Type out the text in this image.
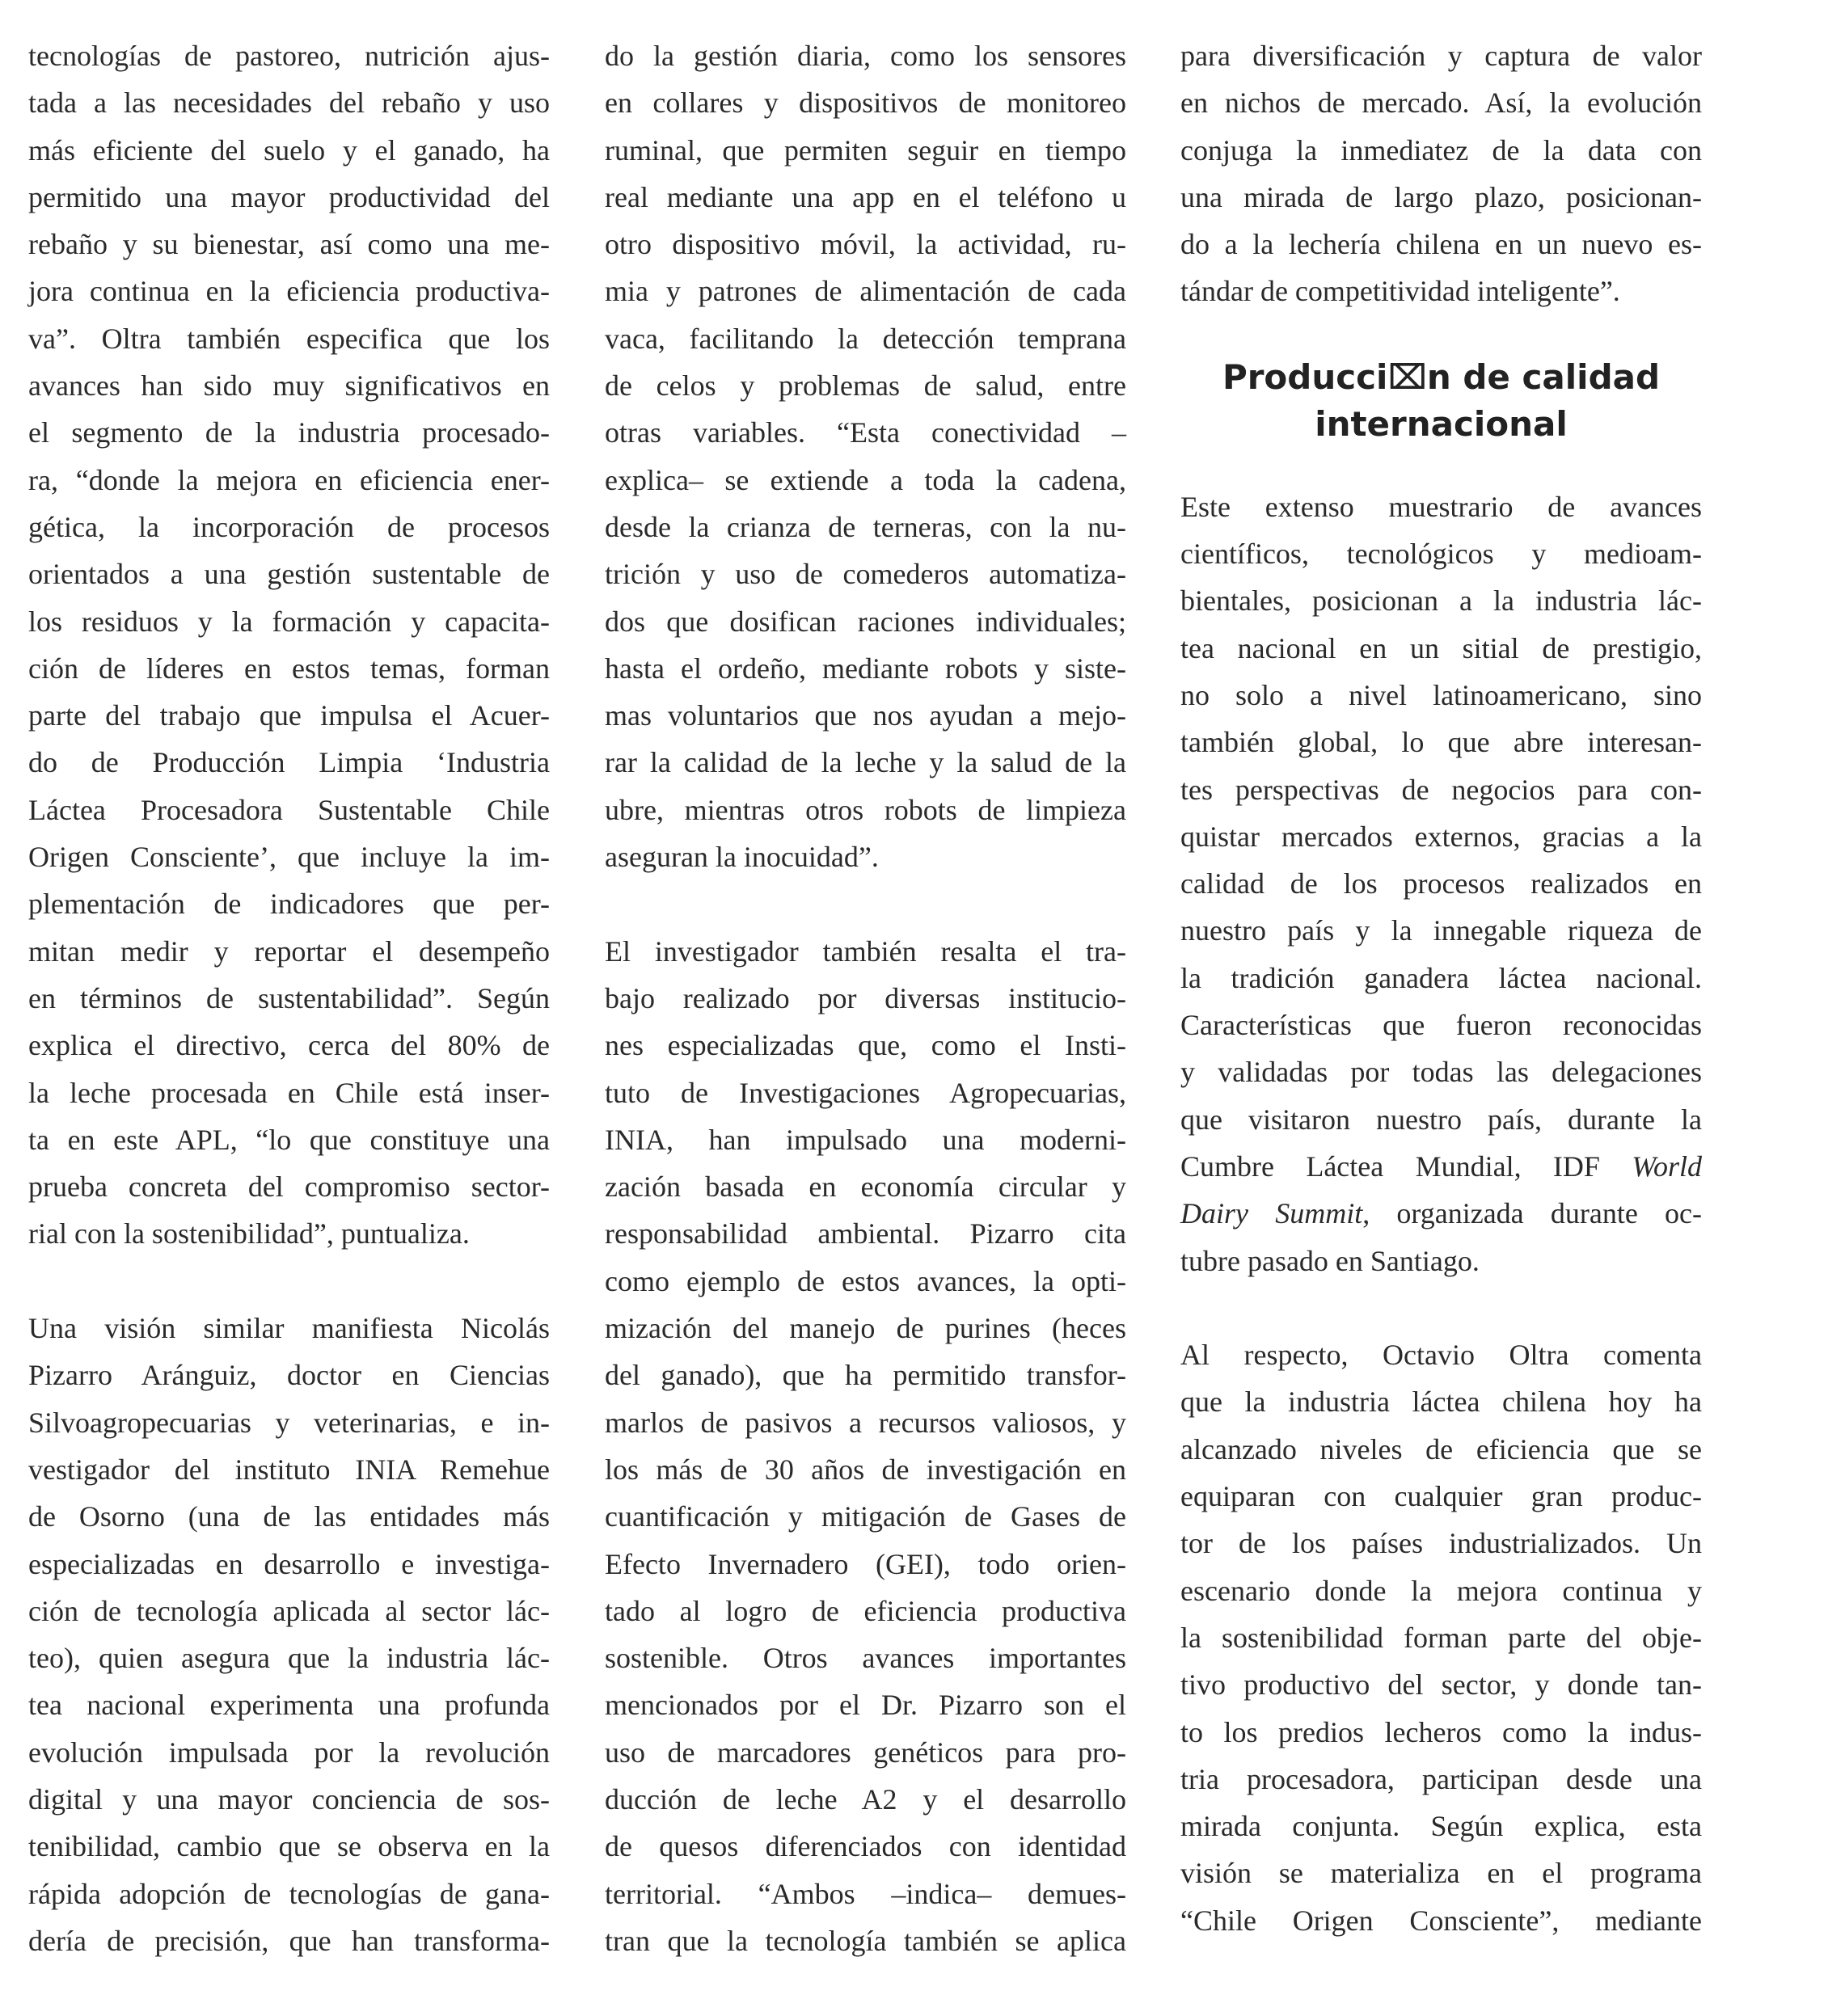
tecnologías de pastoreo, nutrición ajus-
tada a las necesidades del rebaño y uso
más eficiente del suelo y el ganado, ha
permitido una mayor productividad del
rebaño y su bienestar, así como una me-
jora continua en la eficiencia productiva-
va”. Oltra también especifica que los
avances han sido muy significativos en
el segmento de la industria procesado-
ra, “donde la mejora en eficiencia ener-
gética, la incorporación de procesos
orientados a una gestión sustentable de
los residuos y la formación y capacita-
ción de líderes en estos temas, forman
parte del trabajo que impulsa el Acuer-
do de Producción Limpia ‘Industria
Láctea Procesadora Sustentable Chile
Origen Consciente’, que incluye la im-
plementación de indicadores que per-
mitan medir y reportar el desempeño
en términos de sustentabilidad”. Según
explica el directivo, cerca del 80% de
la leche procesada en Chile está inser-
ta en este APL, “lo que constituye una
prueba concreta del compromiso sector-
rial con la sostenibilidad”, puntualiza.
Una visión similar manifiesta Nicolás
Pizarro Aránguiz, doctor en Ciencias
Silvoagropecuarias y veterinarias, e in-
vestigador del instituto INIA Remehue
de Osorno (una de las entidades más
especializadas en desarrollo e investiga-
ción de tecnología aplicada al sector lác-
teo), quien asegura que la industria lác-
tea nacional experimenta una profunda
evolución impulsada por la revolución
digital y una mayor conciencia de sos-
tenibilidad, cambio que se observa en la
rápida adopción de tecnologías de gana-
dería de precisión, que han transforma-
do la gestión diaria, como los sensores
en collares y dispositivos de monitoreo
ruminal, que permiten seguir en tiempo
real mediante una app en el teléfono u
otro dispositivo móvil, la actividad, ru-
mia y patrones de alimentación de cada
vaca, facilitando la detección temprana
de celos y problemas de salud, entre
otras variables. “Esta conectividad –
explica– se extiende a toda la cadena,
desde la crianza de terneras, con la nu-
trición y uso de comederos automatiza-
dos que dosifican raciones individuales;
hasta el ordeño, mediante robots y siste-
mas voluntarios que nos ayudan a mejo-
rar la calidad de la leche y la salud de la
ubre, mientras otros robots de limpieza
aseguran la inocuidad”.
El investigador también resalta el tra-
bajo realizado por diversas institucio-
nes especializadas que, como el Insti-
tuto de Investigaciones Agropecuarias,
INIA, han impulsado una moderni-
zación basada en economía circular y
responsabilidad ambiental. Pizarro cita
como ejemplo de estos avances, la opti-
mización del manejo de purines (heces
del ganado), que ha permitido transfor-
marlos de pasivos a recursos valiosos, y
los más de 30 años de investigación en
cuantificación y mitigación de Gases de
Efecto Invernadero (GEI), todo orien-
tado al logro de eficiencia productiva
sostenible. Otros avances importantes
mencionados por el Dr. Pizarro son el
uso de marcadores genéticos para pro-
ducción de leche A2 y el desarrollo
de quesos diferenciados con identidad
territorial. “Ambos –indica– demues-
tran que la tecnología también se aplica
para diversificación y captura de valor
en nichos de mercado. Así, la evolución
conjuga la inmediatez de la data con
una mirada de largo plazo, posicionan-
do a la lechería chilena en un nuevo es-
tándar de competitividad inteligente”.
Producci⌧n de calidad
internacional
Este extenso muestrario de avances
científicos, tecnológicos y medioam-
bientales, posicionan a la industria lác-
tea nacional en un sitial de prestigio,
no solo a nivel latinoamericano, sino
también global, lo que abre interesan-
tes perspectivas de negocios para con-
quistar mercados externos, gracias a la
calidad de los procesos realizados en
nuestro país y la innegable riqueza de
la tradición ganadera láctea nacional.
Características que fueron reconocidas
y validadas por todas las delegaciones
que visitaron nuestro país, durante la
Cumbre Láctea Mundial, IDF World
Dairy Summit, organizada durante oc-
tubre pasado en Santiago.
Al respecto, Octavio Oltra comenta
que la industria láctea chilena hoy ha
alcanzado niveles de eficiencia que se
equiparan con cualquier gran produc-
tor de los países industrializados. Un
escenario donde la mejora continua y
la sostenibilidad forman parte del obje-
tivo productivo del sector, y donde tan-
to los predios lecheros como la indus-
tria procesadora, participan desde una
mirada conjunta. Según explica, esta
visión se materializa en el programa
“Chile Origen Consciente”, mediante
